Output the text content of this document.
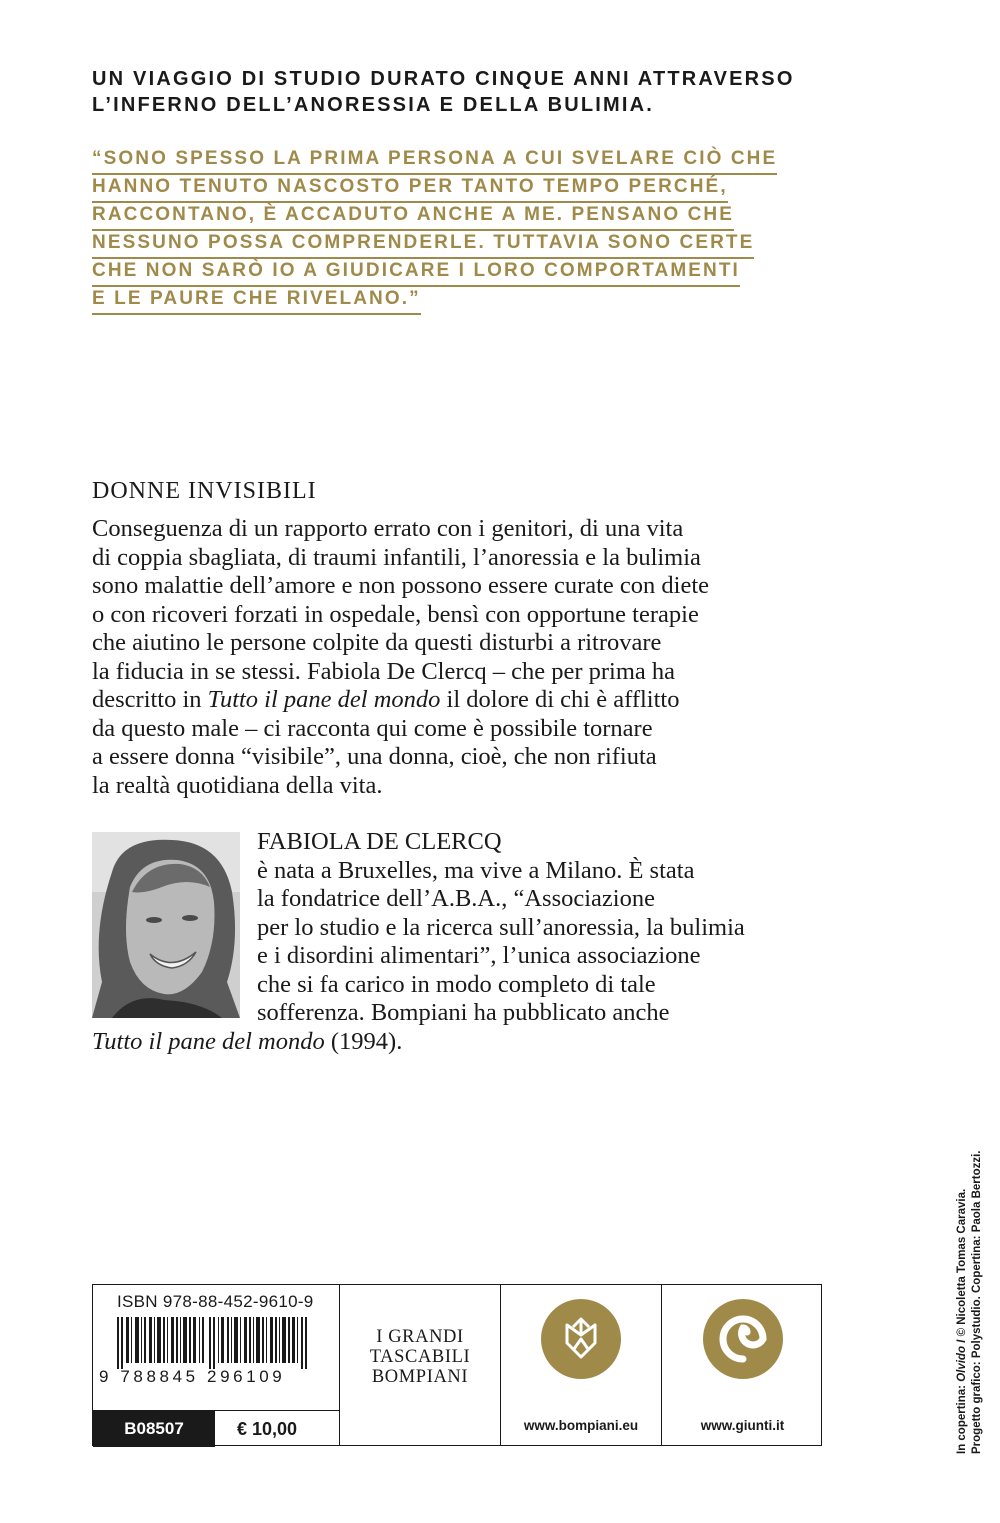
UN VIAGGIO DI STUDIO DURATO CINQUE ANNI ATTRAVERSO
L’INFERNO DELL’ANORESSIA E DELLA BULIMIA.
“SONO SPESSO LA PRIMA PERSONA A CUI SVELARE CIÒ CHE
HANNO TENUTO NASCOSTO PER TANTO TEMPO PERCHÉ,
RACCONTANO, È ACCADUTO ANCHE A ME. PENSANO CHE
NESSUNO POSSA COMPRENDERLE. TUTTAVIA SONO CERTE
CHE NON SARÒ IO A GIUDICARE I LORO COMPORTAMENTI
E LE PAURE CHE RIVELANO.”
DONNE INVISIBILI
Conseguenza di un rapporto errato con i genitori, di una vita
di coppia sbagliata, di traumi infantili, l’anoressia e la bulimia
sono malattie dell’amore e non possono essere curate con diete
o con ricoveri forzati in ospedale, bensì con opportune terapie
che aiutino le persone colpite da questi disturbi a ritrovare
la fiducia in se stessi. Fabiola De Clercq – che per prima ha
descritto in Tutto il pane del mondo il dolore di chi è afflitto
da questo male – ci racconta qui come è possibile tornare
a essere donna “visibile”, una donna, cioè, che non rifiuta
la realtà quotidiana della vita.
FABIOLA DE CLERCQ
è nata a Bruxelles, ma vive a Milano. È stata
la fondatrice dell’A.B.A., “Associazione
per lo studio e la ricerca sull’anoressia, la bulimia
e i disordini alimentari”, l’unica associazione
che si fa carico in modo completo di tale
sofferenza. Bompiani ha pubblicato anche
Tutto il pane del mondo (1994).
In copertina: Olvido I © Nicoletta Tomas Caravia. Progetto grafico: Polystudio. Copertina: Paola Bertozzi.
ISBN 978-88-452-9610-9
9 788845 296109
B08507	€ 10,00
I GRANDI
TASCABILI
BOMPIANI
www.bompiani.eu	www.giunti.it
